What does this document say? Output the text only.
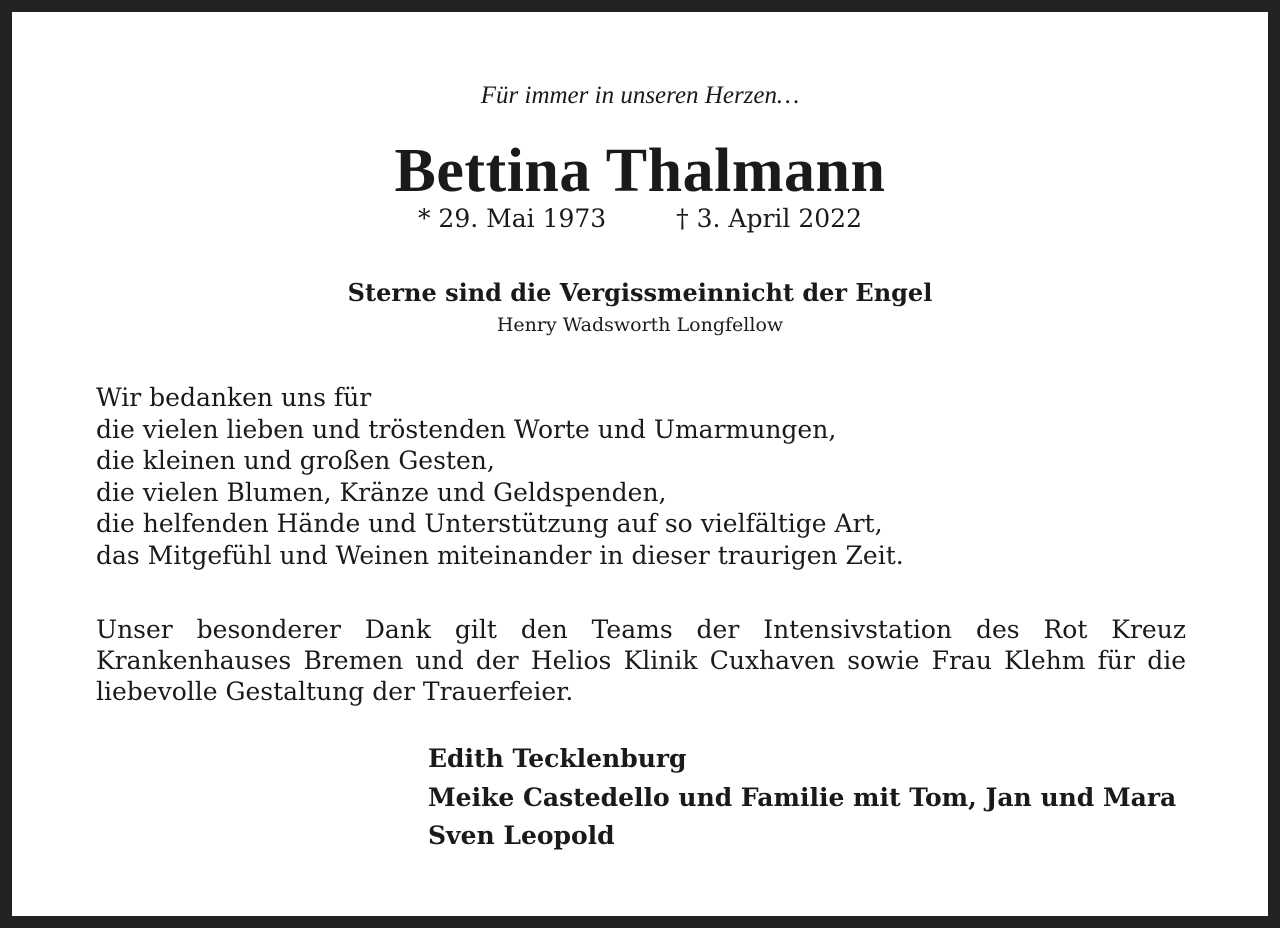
Für immer in unseren Herzen…
Bettina Thalmann
* 29. Mai 1973	† 3. April 2022
Sterne sind die Vergissmeinnicht der Engel
Henry Wadsworth Longfellow
Wir bedanken uns für
die vielen lieben und tröstenden Worte und Umarmungen,
die kleinen und großen Gesten,
die vielen Blumen, Kränze und Geldspenden,
die helfenden Hände und Unterstützung auf so vielfältige Art,
das Mitgefühl und Weinen miteinander in dieser traurigen Zeit.
Unser besonderer Dank gilt den Teams der Intensivstation des Rot Kreuz Krankenhauses Bremen und der Helios Klinik Cuxhaven sowie Frau Klehm für die liebevolle Gestaltung der Trauerfeier.
Edith Tecklenburg
Meike Castedello und Familie mit Tom, Jan und Mara
Sven Leopold
